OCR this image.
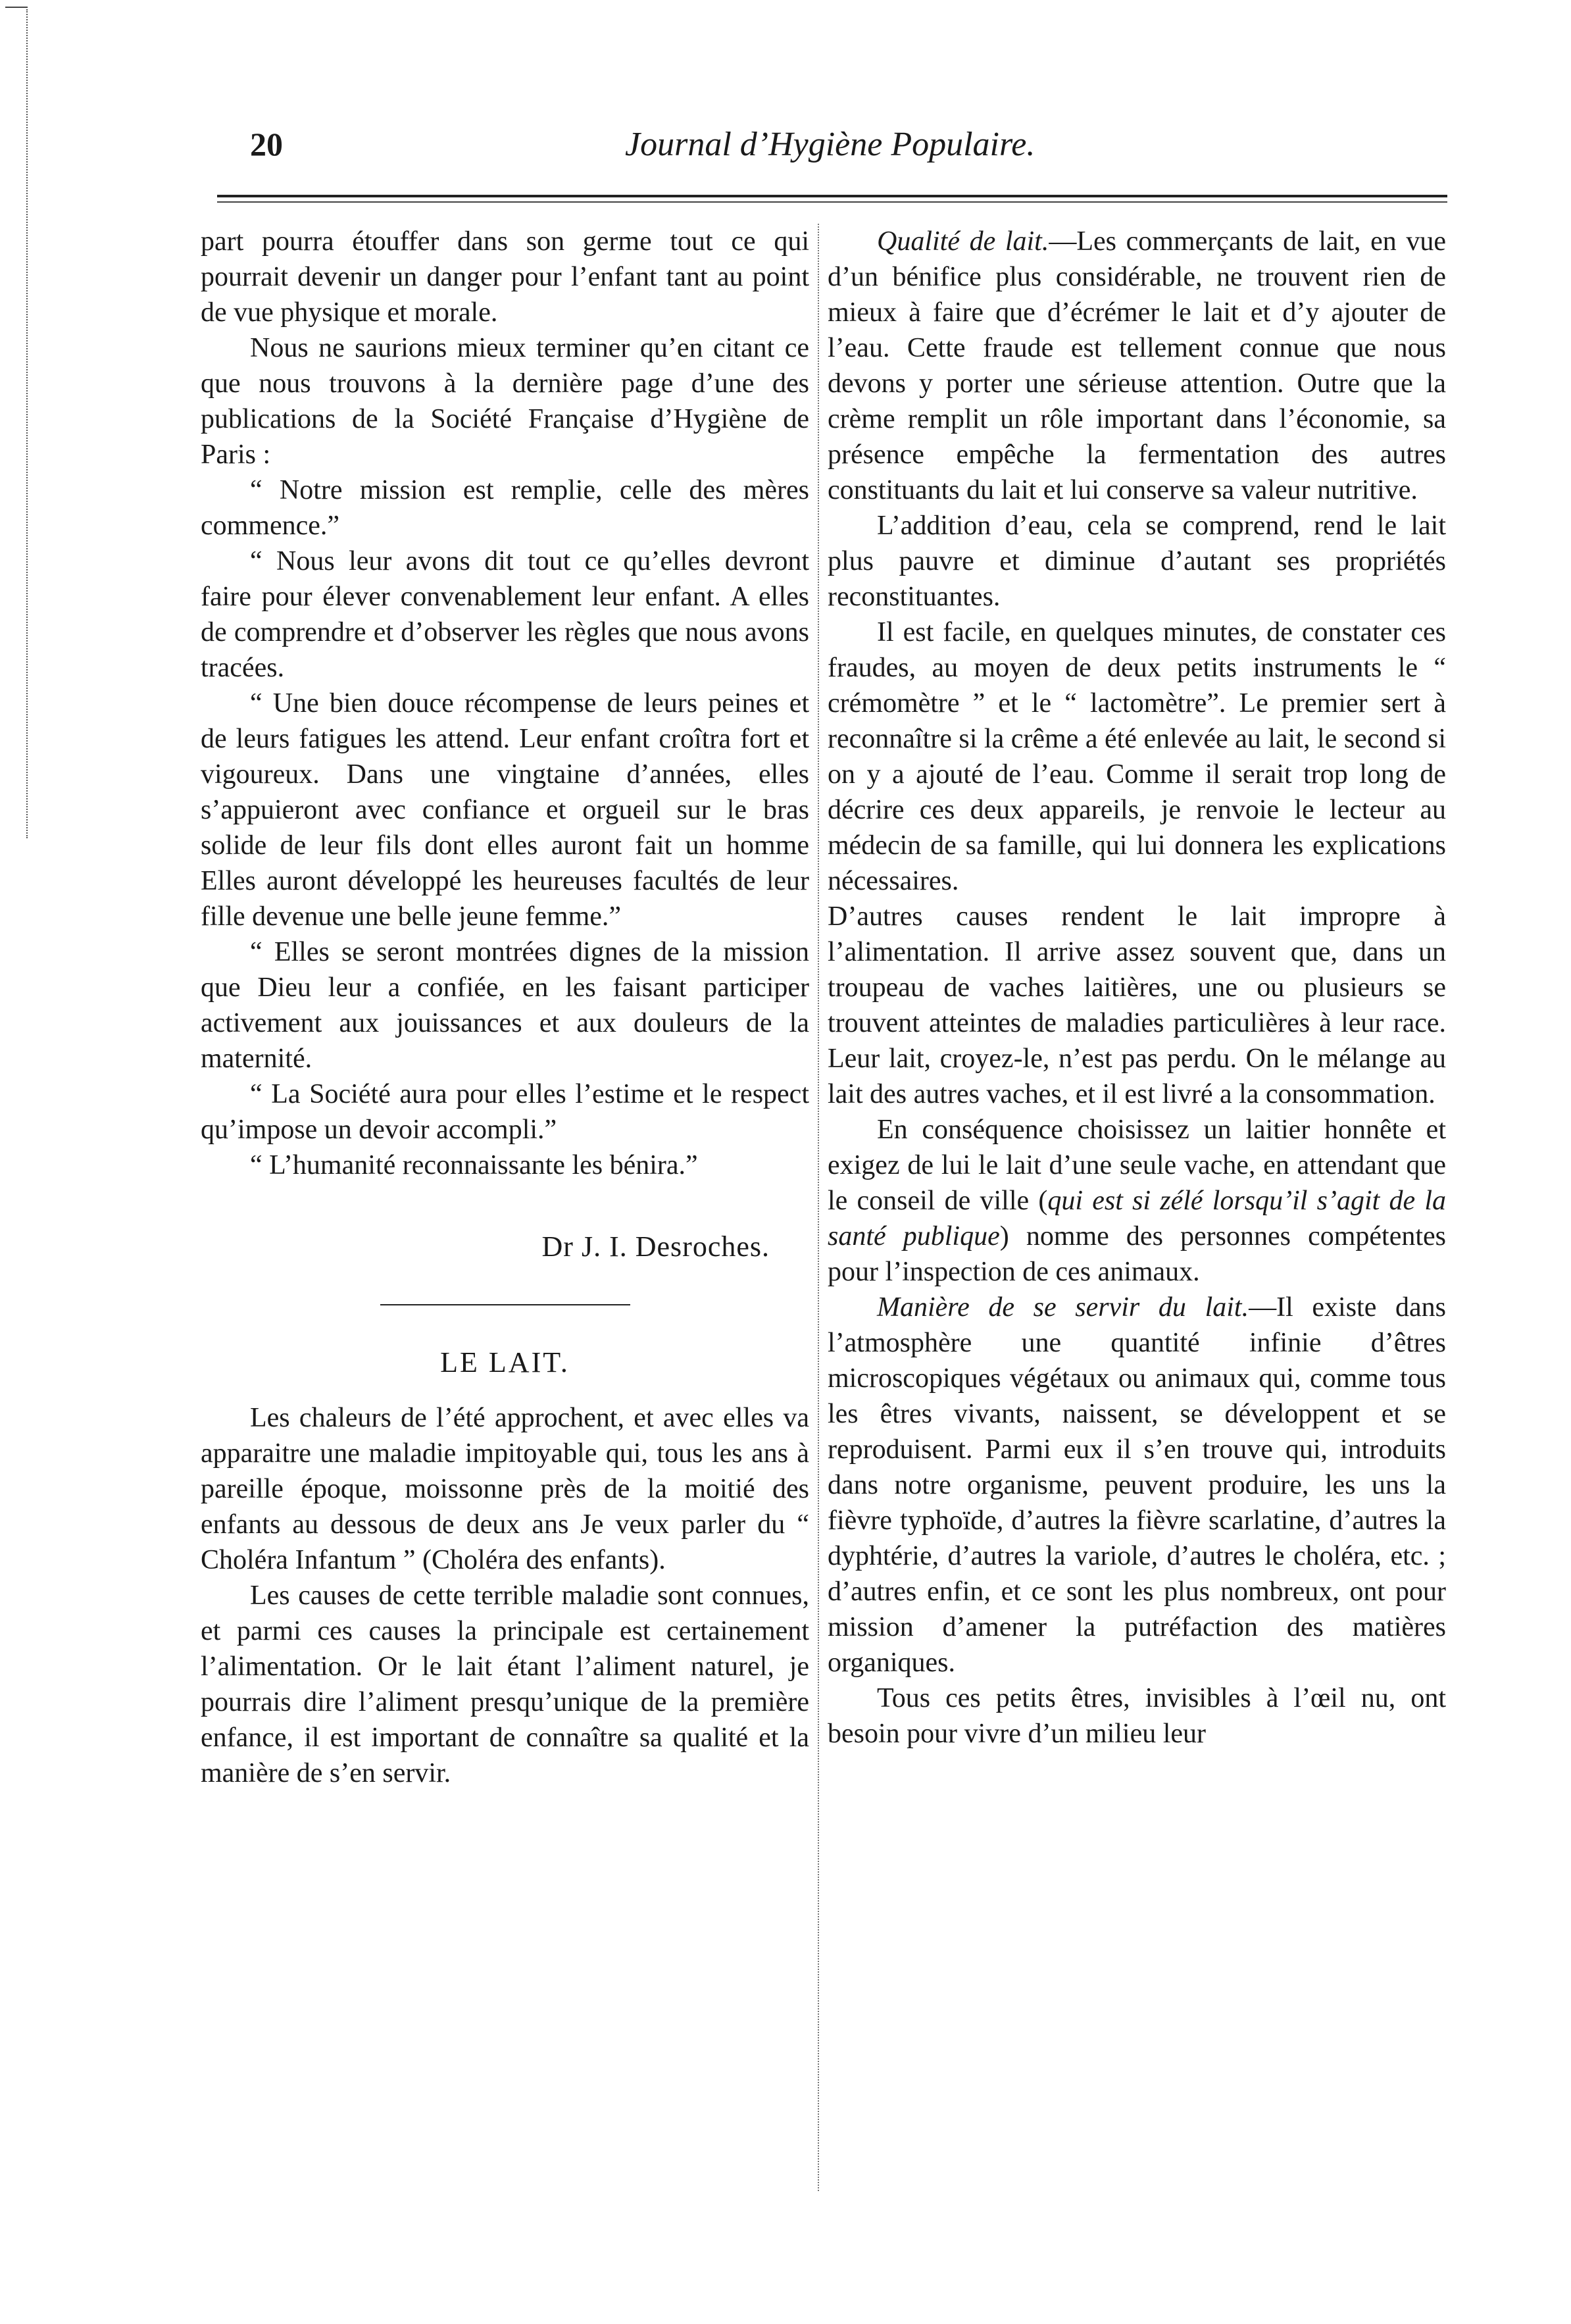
20	Journal d’Hygiène Populaire.

part pourra étouffer dans son germe tout ce qui pourrait devenir un danger pour l’enfant tant au point de vue physique et morale.

Nous ne saurions mieux terminer qu’en citant ce que nous trouvons à la dernière page d’une des publications de la Société Française d’Hygiène de Paris :

“ Notre mission est remplie, celle des mères commence.”

“ Nous leur avons dit tout ce qu’elles devront faire pour élever convenablement leur enfant. A elles de comprendre et d’observer les règles que nous avons tracées.

“ Une bien douce récompense de leurs peines et de leurs fatigues les attend. Leur enfant croîtra fort et vigoureux. Dans une vingtaine d’années, elles s’appuieront avec confiance et orgueil sur le bras solide de leur fils dont elles auront fait un homme Elles auront développé les heureuses facultés de leur fille devenue une belle jeune femme.”

“ Elles se seront montrées dignes de la mission que Dieu leur a confiée, en les faisant participer activement aux jouissances et aux douleurs de la maternité.

“ La Société aura pour elles l’estime et le respect qu’impose un devoir accompli.”

“ L’humanité reconnaissante les bénira.”

Dr J. I. Desroches.
LE LAIT.

Les chaleurs de l’été approchent, et avec elles va apparaitre une maladie impitoyable qui, tous les ans à pareille époque, moissonne près de la moitié des enfants au dessous de deux ans Je veux parler du “ Choléra Infantum ” (Choléra des enfants).

Les causes de cette terrible maladie sont connues, et parmi ces causes la principale est certainement l’alimentation. Or le lait étant l’aliment naturel, je pourrais dire l’aliment presqu’unique de la première enfance, il est important de connaître sa qualité et la manière de s’en servir.

Qualité de lait.—Les commerçants de lait, en vue d’un bénifice plus considérable, ne trouvent rien de mieux à faire que d’écrémer le lait et d’y ajouter de l’eau. Cette fraude est tellement connue que nous devons y porter une sérieuse attention. Outre que la crème remplit un rôle important dans l’économie, sa présence empêche la fermentation des autres constituants du lait et lui conserve sa valeur nutritive.

L’addition d’eau, cela se comprend, rend le lait plus pauvre et diminue d’autant ses propriétés reconstituantes.

Il est facile, en quelques minutes, de constater ces fraudes, au moyen de deux petits instruments le “ crémomètre ” et le “ lactomètre”. Le premier sert à reconnaître si la crême a été enlevée au lait, le second si on y a ajouté de l’eau. Comme il serait trop long de décrire ces deux appareils, je renvoie le lecteur au médecin de sa famille, qui lui donnera les explications nécessaires.

D’autres causes rendent le lait impropre à l’alimentation. Il arrive assez souvent que, dans un troupeau de vaches laitières, une ou plusieurs se trouvent atteintes de maladies particulières à leur race. Leur lait, croyez-le, n’est pas perdu. On le mélange au lait des autres vaches, et il est livré a la consommation.

En conséquence choisissez un laitier honnête et exigez de lui le lait d’une seule vache, en attendant que le conseil de ville (qui est si zélé lorsqu’il s’agit de la santé publique) nomme des personnes compétentes pour l’inspection de ces animaux.

Manière de se servir du lait.—Il existe dans l’atmosphère une quantité infinie d’êtres microscopiques végétaux ou animaux qui, comme tous les êtres vivants, naissent, se développent et se reproduisent. Parmi eux il s’en trouve qui, introduits dans notre organisme, peuvent produire, les uns la fièvre typhoïde, d’autres la fièvre scarlatine, d’autres la dyphtérie, d’autres la variole, d’autres le choléra, etc. ; d’autres enfin, et ce sont les plus nombreux, ont pour mission d’amener la putréfaction des matières organiques.

Tous ces petits êtres, invisibles à l’œil nu, ont besoin pour vivre d’un milieu leur
